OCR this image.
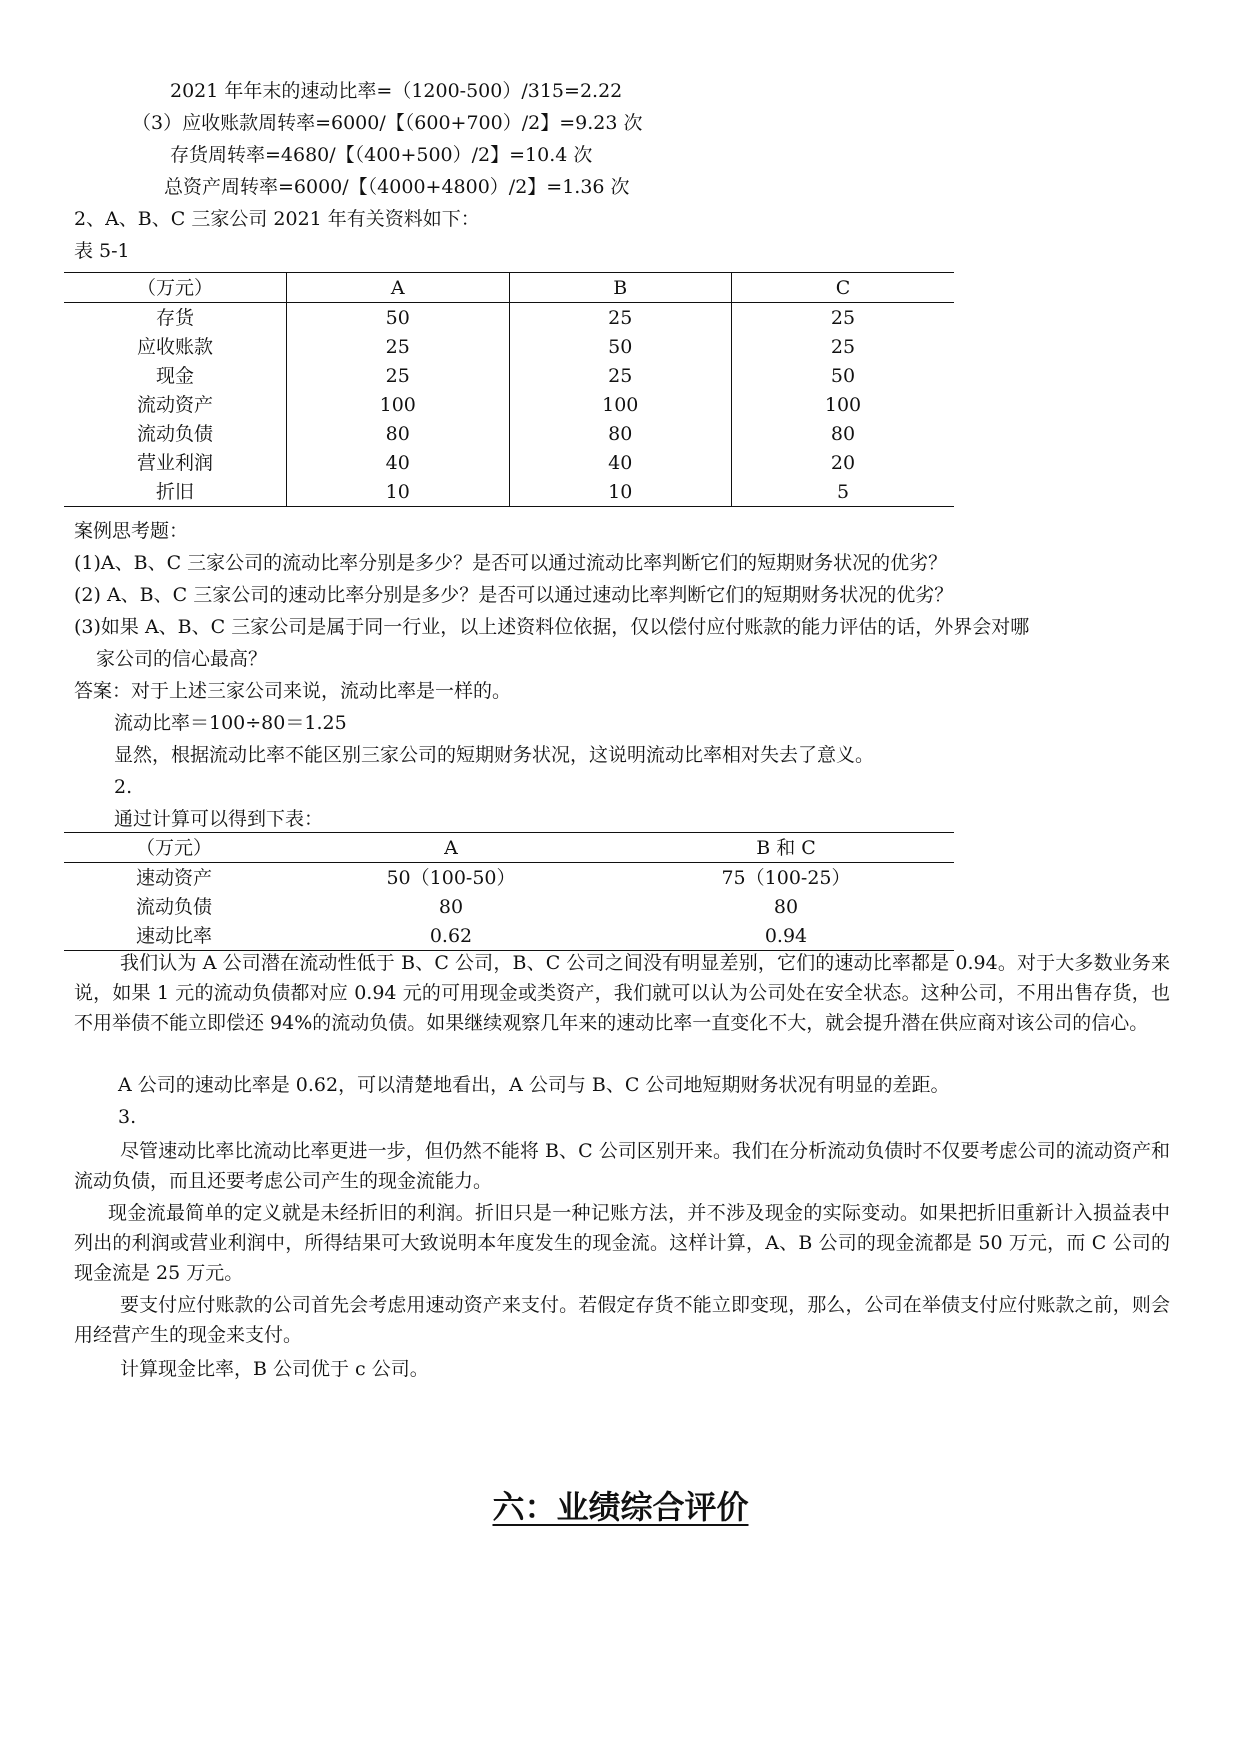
2021 年年末的速动比率=（1200-500）/315=2.22
（3）应收账款周转率=6000/【（600+700）/2】=9.23 次
存货周转率=4680/【（400+500）/2】=10.4 次
总资产周转率=6000/【（4000+4800）/2】=1.36 次
2、A、B、C 三家公司 2021 年有关资料如下：
表 5-1
（万元）	A	B	C
存货	50	25	25
应收账款	25	50	25
现金	25	25	50
流动资产	100	100	100
流动负债	80	80	80
营业利润	40	40	20
折旧	10	10	5
案例思考题：
(1)A、B、C 三家公司的流动比率分别是多少？是否可以通过流动比率判断它们的短期财务状况的优劣？
(2) A、B、C 三家公司的速动比率分别是多少？是否可以通过速动比率判断它们的短期财务状况的优劣？
(3)如果 A、B、C 三家公司是属于同一行业，以上述资料位依据，仅以偿付应付账款的能力评估的话，外界会对哪
家公司的信心最高？
答案：对于上述三家公司来说，流动比率是一样的。
流动比率＝100÷80＝1.25
显然，根据流动比率不能区别三家公司的短期财务状况，这说明流动比率相对失去了意义。
2.
通过计算可以得到下表：
（万元）	A	B 和 C
速动资产	50（100-50）	75（100-25）
流动负债	80	80
速动比率	0.62	0.94
我们认为 A 公司潜在流动性低于 B、C 公司，B、C 公司之间没有明显差别，它们的速动比率都是 0.94。对于大多数业务来说，如果 1 元的流动负债都对应 0.94 元的可用现金或类资产，我们就可以认为公司处在安全状态。这种公司，不用出售存货，也不用举债不能立即偿还 94%的流动负债。如果继续观察几年来的速动比率一直变化不大，就会提升潜在供应商对该公司的信心。
A 公司的速动比率是 0.62，可以清楚地看出，A 公司与 B、C 公司地短期财务状况有明显的差距。
3.
尽管速动比率比流动比率更进一步，但仍然不能将 B、C 公司区别开来。我们在分析流动负债时不仅要考虑公司的流动资产和流动负债，而且还要考虑公司产生的现金流能力。
现金流最简单的定义就是未经折旧的利润。折旧只是一种记账方法，并不涉及现金的实际变动。如果把折旧重新计入损益表中列出的利润或营业利润中，所得结果可大致说明本年度发生的现金流。这样计算，A、B 公司的现金流都是 50 万元，而 C 公司的现金流是 25 万元。
要支付应付账款的公司首先会考虑用速动资产来支付。若假定存货不能立即变现，那么，公司在举债支付应付账款之前，则会用经营产生的现金来支付。
计算现金比率，B 公司优于 c 公司。
六：业绩综合评价
